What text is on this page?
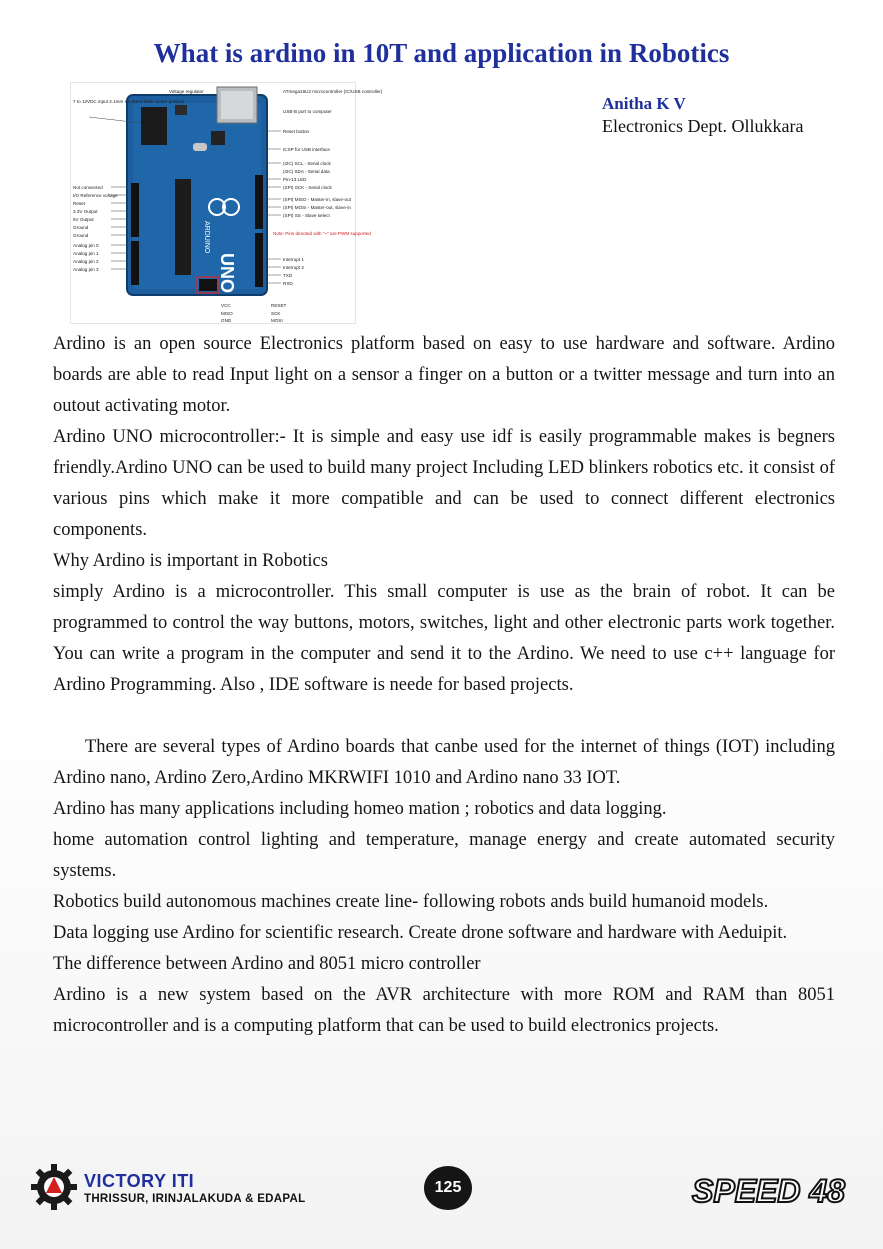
What is ardino in 10T and application in Robotics
Anitha K V
Electronics Dept. Ollukkara
UNO
ARDUINO
7 to 12VDC input 2.1mm x 5.5mm Male center positive
Not connected
I/O Reference voltage
Reset
3.3V Output
5V Output
Ground
Ground
Analog pin 0
Analog pin 1
Analog pin 2
Analog pin 3
Voltage regulator	ATmega16U2 microcontroller (IC/USB controller)
USB-B port to computer
Reset button
ICSP for USB interface
(I2C) SCL - Serial clock
(I2C) SDA - Serial data
Pin-13 LED
(SPI) SCK - Serial clock
(SPI) MISO - Master-in, slave-out
(SPI) MOSI - Master-out, slave-in
(SPI) SS - Slave select
Interrupt 1
Interrupt 2
TXD
RXD
Note: Pins denoted with "~" are PWM supported
VCC
MISO
GND
RESET
SCK
MOSI

Ardino is an open source Electronics platform based on easy to use hardware and software. Ardino boards are able to read Input light on a sensor a finger on a button or a twitter message and turn into an outout activating motor.

Ardino UNO microcontroller:- It is simple and easy use idf is easily programmable makes is begners friendly.Ardino UNO can be used to build many project Including LED blinkers robotics etc. it consist of various pins which make it more compatible and can be used to connect different electronics components.

Why Ardino is important in Robotics

simply Ardino is a microcontroller. This small computer is use as the brain of robot. It can be programmed to control the way buttons, motors, switches, light and other electronic parts work together. You can write a program in the computer and send it to the Ardino. We need to use c++ language for Ardino Programming. Also , IDE software is neede for based projects.

There are several types of Ardino boards that canbe used for the internet of things (IOT) including Ardino nano, Ardino Zero,Ardino MKRWIFI 1010 and Ardino nano 33 IOT.

Ardino has many applications including homeo mation ; robotics and data logging.

home automation control lighting and temperature, manage energy and create automated security systems.

Robotics build autonomous machines create line- following robots ands build humanoid models.

Data logging use Ardino for scientific research. Create drone software and hardware with Aeduipit.

The difference between Ardino and 8051 micro controller

Ardino is a new system based on the AVR architecture with more ROM and RAM than 8051 microcontroller and is a computing platform that can be used to build electronics projects.

VICTORY ITI
THRISSUR, IRINJALAKUDA & EDAPAL
125	SPEED 48
